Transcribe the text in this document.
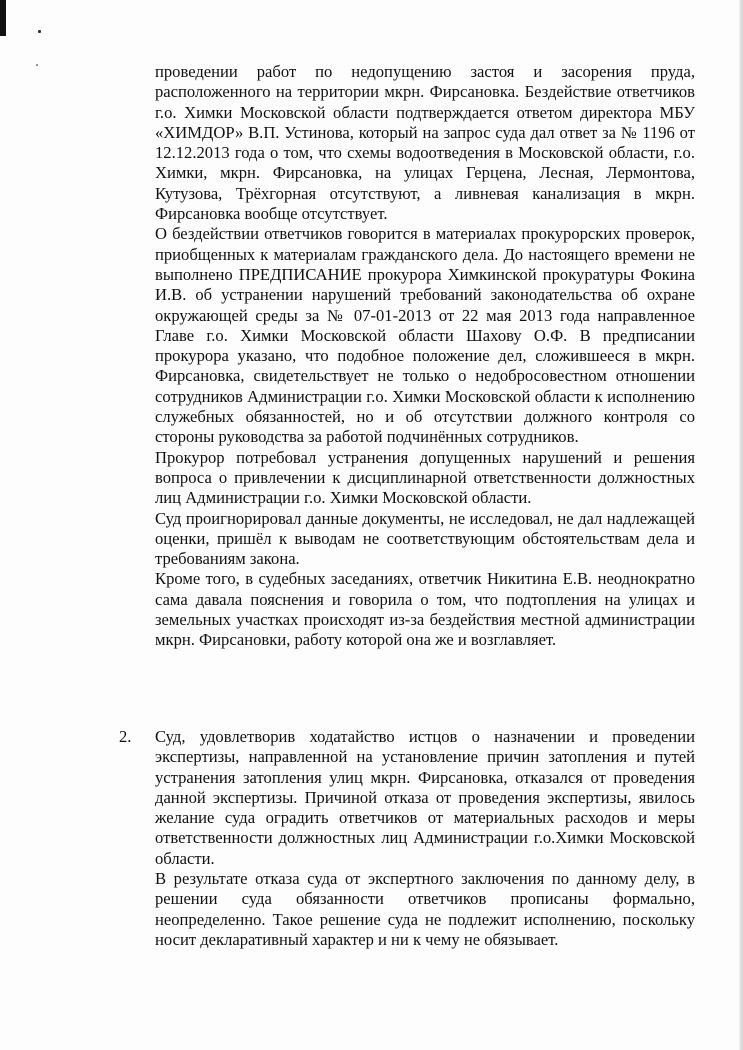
проведении работ по недопущению застоя и засорения пруда, расположенного на территории мкрн. Фирсановка. Бездействие ответчиков г.о. Химки Московской области подтверждается ответом директора МБУ «ХИМДОР» В.П. Устинова, который на запрос суда дал ответ за № 1196 от 12.12.2013 года о том, что схемы водоотведения в Московской области, г.о. Химки, мкрн. Фирсановка, на улицах Герцена, Лесная, Лермонтова, Кутузова, Трёхгорная отсутствуют, а ливневая канализация в мкрн. Фирсановка вообще отсутствует.

О бездействии ответчиков говорится в материалах прокурорских проверок, приобщенных к материалам гражданского дела. До настоящего времени не выполнено ПРЕДПИСАНИЕ прокурора Химкинской прокуратуры Фокина И.В. об устранении нарушений требований законодательства об охране окружающей среды за № 07-01-2013 от 22 мая 2013 года направленное Главе г.о. Химки Московской области Шахову О.Ф. В предписании прокурора указано, что подобное положение дел, сложившееся в мкрн. Фирсановка, свидетельствует не только о недобросовестном отношении сотрудников Администрации г.о. Химки Московской области к исполнению служебных обязанностей, но и об отсутствии должного контроля со стороны руководства за работой подчинённых сотрудников.

Прокурор потребовал устранения допущенных нарушений и решения вопроса о привлечении к дисциплинарной ответственности должностных лиц Администрации г.о. Химки Московской области.

Суд проигнорировал данные документы, не исследовал, не дал надлежащей оценки, пришёл к выводам не соответствующим обстоятельствам дела и требованиям закона.

Кроме того, в судебных заседаниях, ответчик Никитина Е.В. неоднократно сама давала пояснения и говорила о том, что подтопления на улицах и земельных участках происходят из-за бездействия местной администрации мкрн. Фирсановки, работу которой она же и возглавляет.

2.	Суд, удовлетворив ходатайство истцов о назначении и проведении экспертизы, направленной на установление причин затопления и путей устранения затопления улиц мкрн. Фирсановка, отказался от проведения данной экспертизы. Причиной отказа от проведения экспертизы, явилось желание суда оградить ответчиков от материальных расходов и меры ответственности должностных лиц Администрации г.о.Химки Московской области.

В результате отказа суда от экспертного заключения по данному делу, в решении суда обязанности ответчиков прописаны формально, неопределенно. Такое решение суда не подлежит исполнению, поскольку носит декларативный характер и ни к чему не обязывает.
